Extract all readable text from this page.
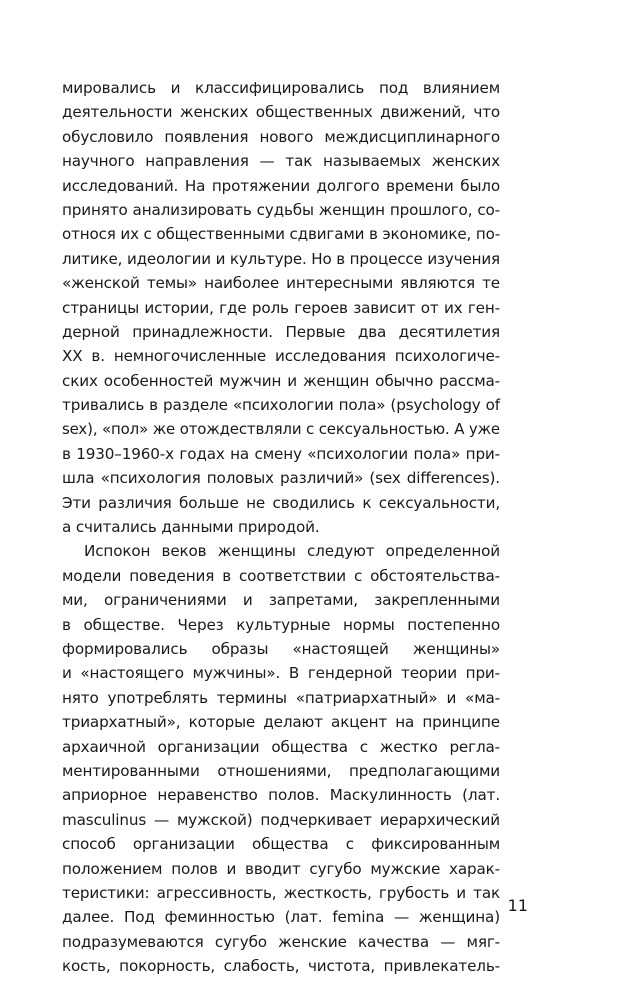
мировались и классифицировались под влиянием
деятельности женских общественных движений, что
обусловило появления нового междисциплинарного
научного направления — так называемых женских
исследований. На протяжении долгого времени было
принято анализировать судьбы женщин прошлого, со-
относя их с общественными сдвигами в экономике, по-
литике, идеологии и культуре. Но в процессе изучения
«женской темы» наиболее интересными являются те
страницы истории, где роль героев зависит от их ген-
дерной принадлежности. Первые два десятилетия
XX в. немногочисленные исследования психологиче-
ских особенностей мужчин и женщин обычно рассма-
тривались в разделе «психологии пола» (psychology of
sex), «пол» же отождествляли с сексуальностью. А уже
в 1930–1960-х годах на смену «психологии пола» при-
шла «психология половых различий» (sex differences).
Эти различия больше не сводились к сексуальности,
а считались данными природой.
Испокон веков женщины следуют определенной
модели поведения в соответствии с обстоятельства-
ми, ограничениями и запретами, закрепленными
в обществе. Через культурные нормы постепенно
формировались образы «настоящей женщины»
и «настоящего мужчины». В гендерной теории при-
нято употреблять термины «патриархатный» и «ма-
триархатный», которые делают акцент на принципе
архаичной организации общества с жестко регла-
ментированными отношениями, предполагающими
априорное неравенство полов. Маскулинность (лат.
masculinus — мужской) подчеркивает иерархический
способ организации общества с фиксированным
положением полов и вводит сугубо мужские харак-
теристики: агрессивность, жесткость, грубость и так
далее. Под феминностью (лат. femina — женщина)
подразумеваются сугубо женские качества — мяг-
кость, покорность, слабость, чистота, привлекатель-
11
